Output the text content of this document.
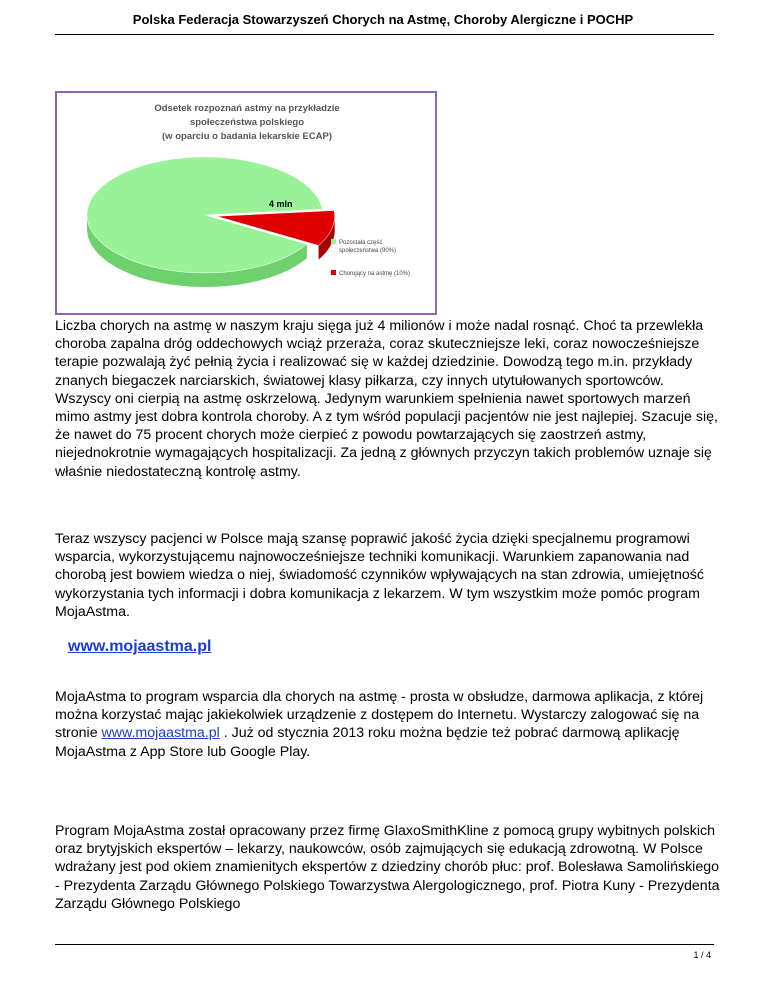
Polska Federacja Stowarzyszeń Chorych na Astmę, Choroby Alergiczne i POCHP
Odsetek rozpoznań astmy na przykładzie
społeczeństwa polskiego
(w oparciu o badania lekarskie ECAP)
4 mln
Pozostała część
społeczeństwa (90%)
Chorujący na astmę (10%)
Liczba chorych na astmę w naszym kraju sięga już 4 milionów i może nadal rosnąć. Choć ta przewlekła choroba zapalna dróg oddechowych wciąż przeraża, coraz skuteczniejsze leki, coraz nowocześniejsze terapie pozwalają żyć pełnią życia i realizować się w każdej dziedzinie. Dowodzą tego m.in. przykłady znanych biegaczek narciarskich, światowej klasy piłkarza, czy innych utytułowanych sportowców. Wszyscy oni cierpią na astmę oskrzelową. Jedynym warunkiem spełnienia nawet sportowych marzeń mimo astmy jest dobra kontrola choroby. A z tym wśród populacji pacjentów nie jest najlepiej. Szacuje się, że nawet do 75 procent chorych może cierpieć z powodu powtarzających się zaostrzeń astmy, niejednokrotnie wymagających hospitalizacji. Za jedną z głównych przyczyn takich problemów uznaje się właśnie niedostateczną kontrolę astmy.
Teraz wszyscy pacjenci w Polsce mają szansę poprawić jakość życia dzięki specjalnemu programowi wsparcia, wykorzystującemu najnowocześniejsze techniki komunikacji. Warunkiem zapanowania nad chorobą jest bowiem wiedza o niej, świadomość czynników wpływających na stan zdrowia, umiejętność wykorzystania tych informacji i dobra komunikacja z lekarzem. W tym wszystkim może pomóc program MojaAstma.
www.mojaastma.pl
MojaAstma to program wsparcia dla chorych na astmę - prosta w obsłudze, darmowa aplikacja, z której można korzystać mając jakiekolwiek urządzenie z dostępem do Internetu. Wystarczy zalogować się na stronie www.mojaastma.pl . Już od stycznia 2013 roku można będzie też pobrać darmową aplikację MojaAstma z App Store lub Google Play.
Program MojaAstma został opracowany przez firmę GlaxoSmithKline z pomocą grupy wybitnych polskich oraz brytyjskich ekspertów – lekarzy, naukowców, osób zajmujących się edukacją zdrowotną. W Polsce wdrażany jest pod okiem znamienitych ekspertów z dziedziny chorób płuc: prof. Bolesława Samolińskiego - Prezydenta Zarządu Głównego Polskiego Towarzystwa Alergologicznego, prof. Piotra Kuny - Prezydenta Zarządu Głównego Polskiego
1 / 4
